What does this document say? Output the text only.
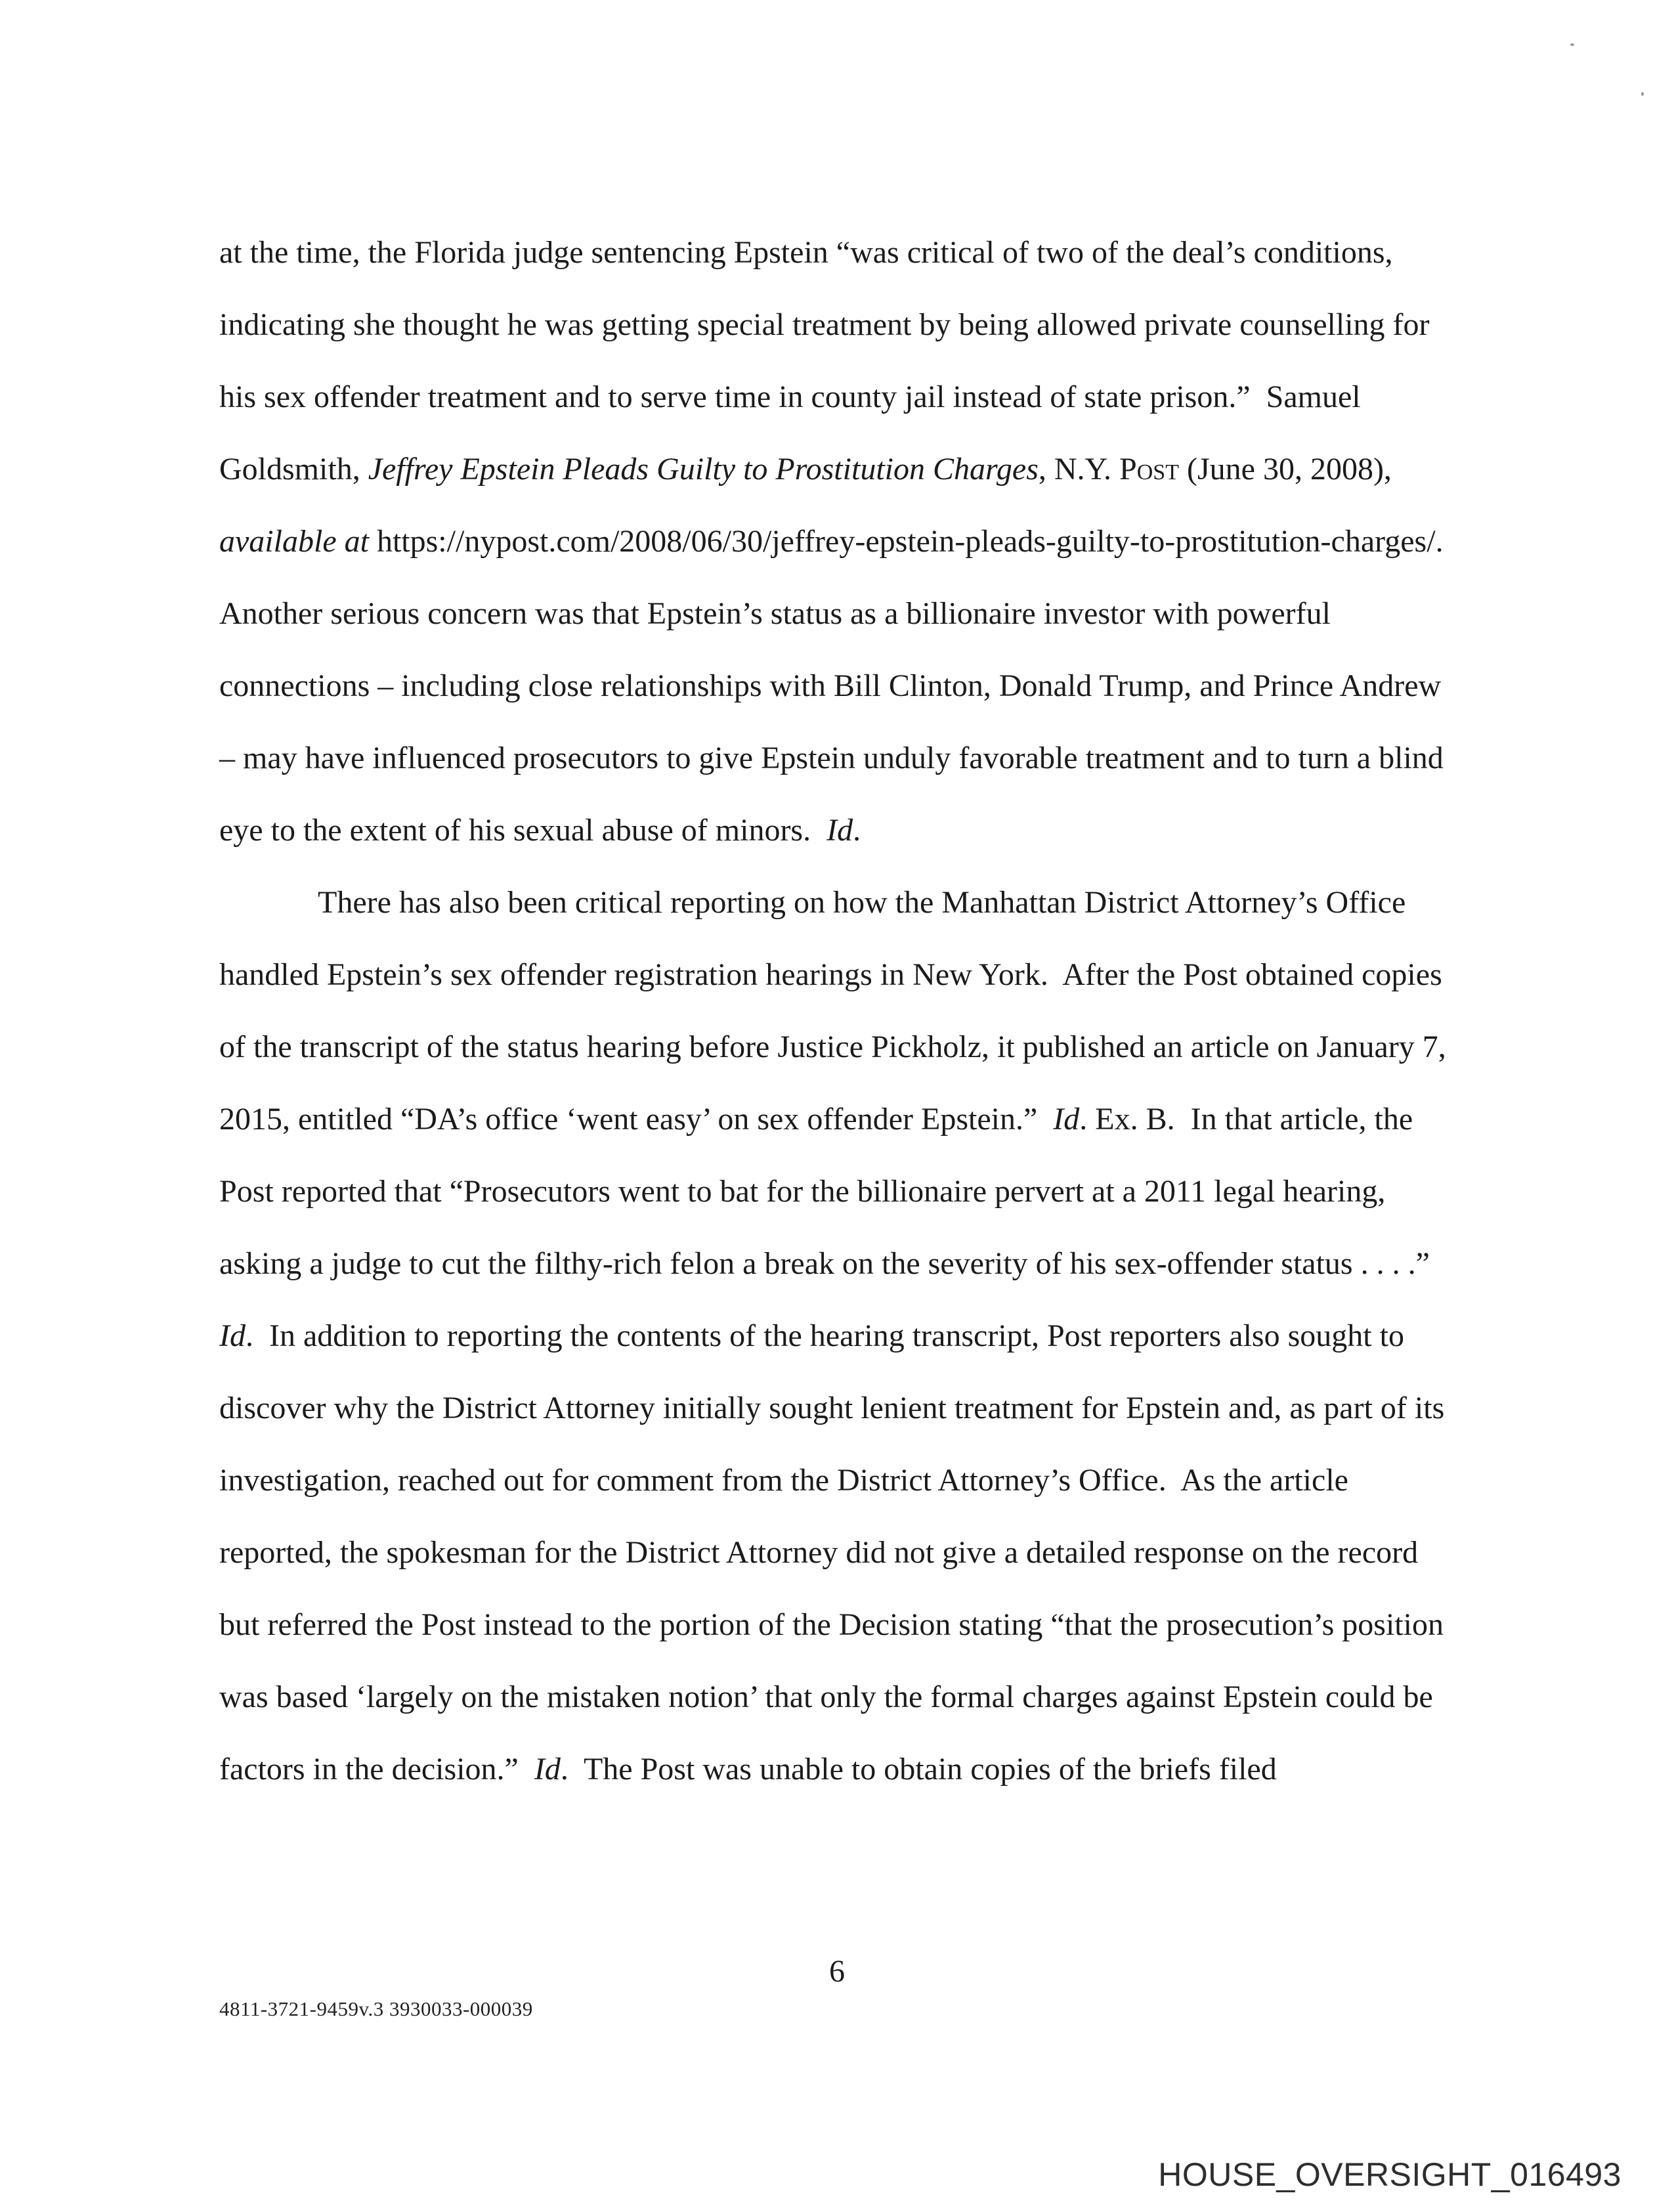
at the time, the Florida judge sentencing Epstein “was critical of two of the deal’s conditions, indicating she thought he was getting special treatment by being allowed private counselling for his sex offender treatment and to serve time in county jail instead of state prison.”  Samuel Goldsmith, Jeffrey Epstein Pleads Guilty to Prostitution Charges, N.Y. Post (June 30, 2008), available at https://nypost.com/2008/06/30/jeffrey-epstein-pleads-guilty-to-prostitution-charges/.  Another serious concern was that Epstein’s status as a billionaire investor with powerful connections – including close relationships with Bill Clinton, Donald Trump, and Prince Andrew – may have influenced prosecutors to give Epstein unduly favorable treatment and to turn a blind eye to the extent of his sexual abuse of minors.  Id.

There has also been critical reporting on how the Manhattan District Attorney’s Office handled Epstein’s sex offender registration hearings in New York.  After the Post obtained copies of the transcript of the status hearing before Justice Pickholz, it published an article on January 7, 2015, entitled “DA’s office ‘went easy’ on sex offender Epstein.”  Id. Ex. B.  In that article, the Post reported that “Prosecutors went to bat for the billionaire pervert at a 2011 legal hearing, asking a judge to cut the filthy-rich felon a break on the severity of his sex-offender status . . . .”  Id.  In addition to reporting the contents of the hearing transcript, Post reporters also sought to discover why the District Attorney initially sought lenient treatment for Epstein and, as part of its investigation, reached out for comment from the District Attorney’s Office.  As the article reported, the spokesman for the District Attorney did not give a detailed response on the record but referred the Post instead to the portion of the Decision stating “that the prosecution’s position was based ‘largely on the mistaken notion’ that only the formal charges against Epstein could be factors in the decision.”  Id.  The Post was unable to obtain copies of the briefs filed

6
4811-3721-9459v.3 3930033-000039
HOUSE_OVERSIGHT_016493
